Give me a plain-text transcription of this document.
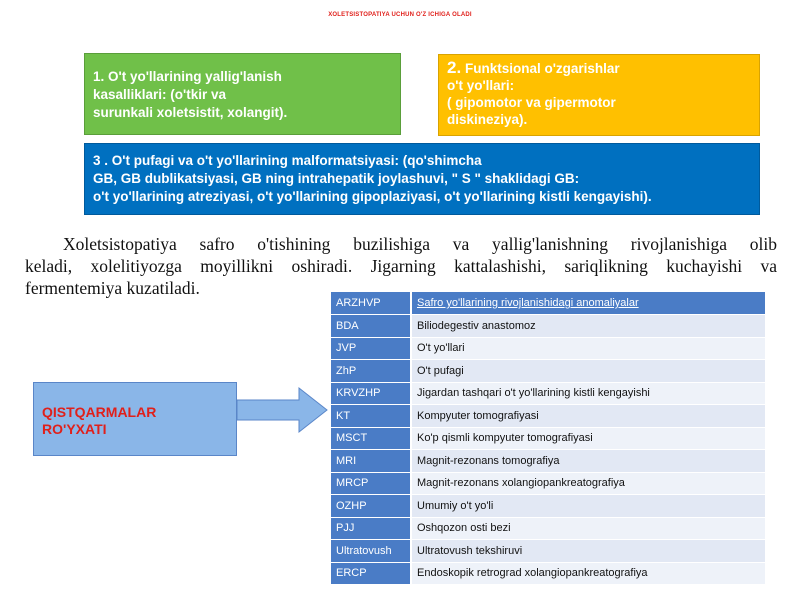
XOLETSISTOPATIYA UCHUN O'Z ICHIGA OLADI
1. O't yo'llarining yallig'lanish
kasalliklari: (o'tkir va
surunkali xoletsistit, xolangit).
2. Funktsional o'zgarishlar
o't yo'llari:
( gipomotor va gipermotor
diskineziya).
3 . O't pufagi va o't yo'llarining malformatsiyasi: (qo'shimcha
GB, GB dublikatsiyasi, GB ning intrahepatik joylashuvi, " S " shaklidagi GB:
o't yo'llarining atreziyasi, o't yo'llarining gipoplaziyasi, o't yo'llarining kistli kengayishi).
Xoletsistopatiya safro o'tishining buzilishiga va yallig'lanishning rivojlanishiga olib
keladi, xolelitiyozga moyillikni oshiradi. Jigarning kattalashishi, sariqlikning kuchayishi va
fermentemiya kuzatiladi.
QISTQARMALAR
RO'YXATI
ARZHVP	Safro yo'llarining rivojlanishidagi anomaliyalar
BDA	Biliodegestiv anastomoz
JVP	O't yo'llari
ZhP	O't pufagi
KRVZHP	Jigardan tashqari o't yo'llarining kistli kengayishi
KT	Kompyuter tomografiyasi
MSCT	Ko'p qismli kompyuter tomografiyasi
MRI	Magnit-rezonans tomografiya
MRCP	Magnit-rezonans xolangiopankreatografiya
OZHP	Umumiy o't yo'li
PJJ	Oshqozon osti bezi
Ultratovush	Ultratovush tekshiruvi
ERCP	Endoskopik retrograd xolangiopankreatografiya
